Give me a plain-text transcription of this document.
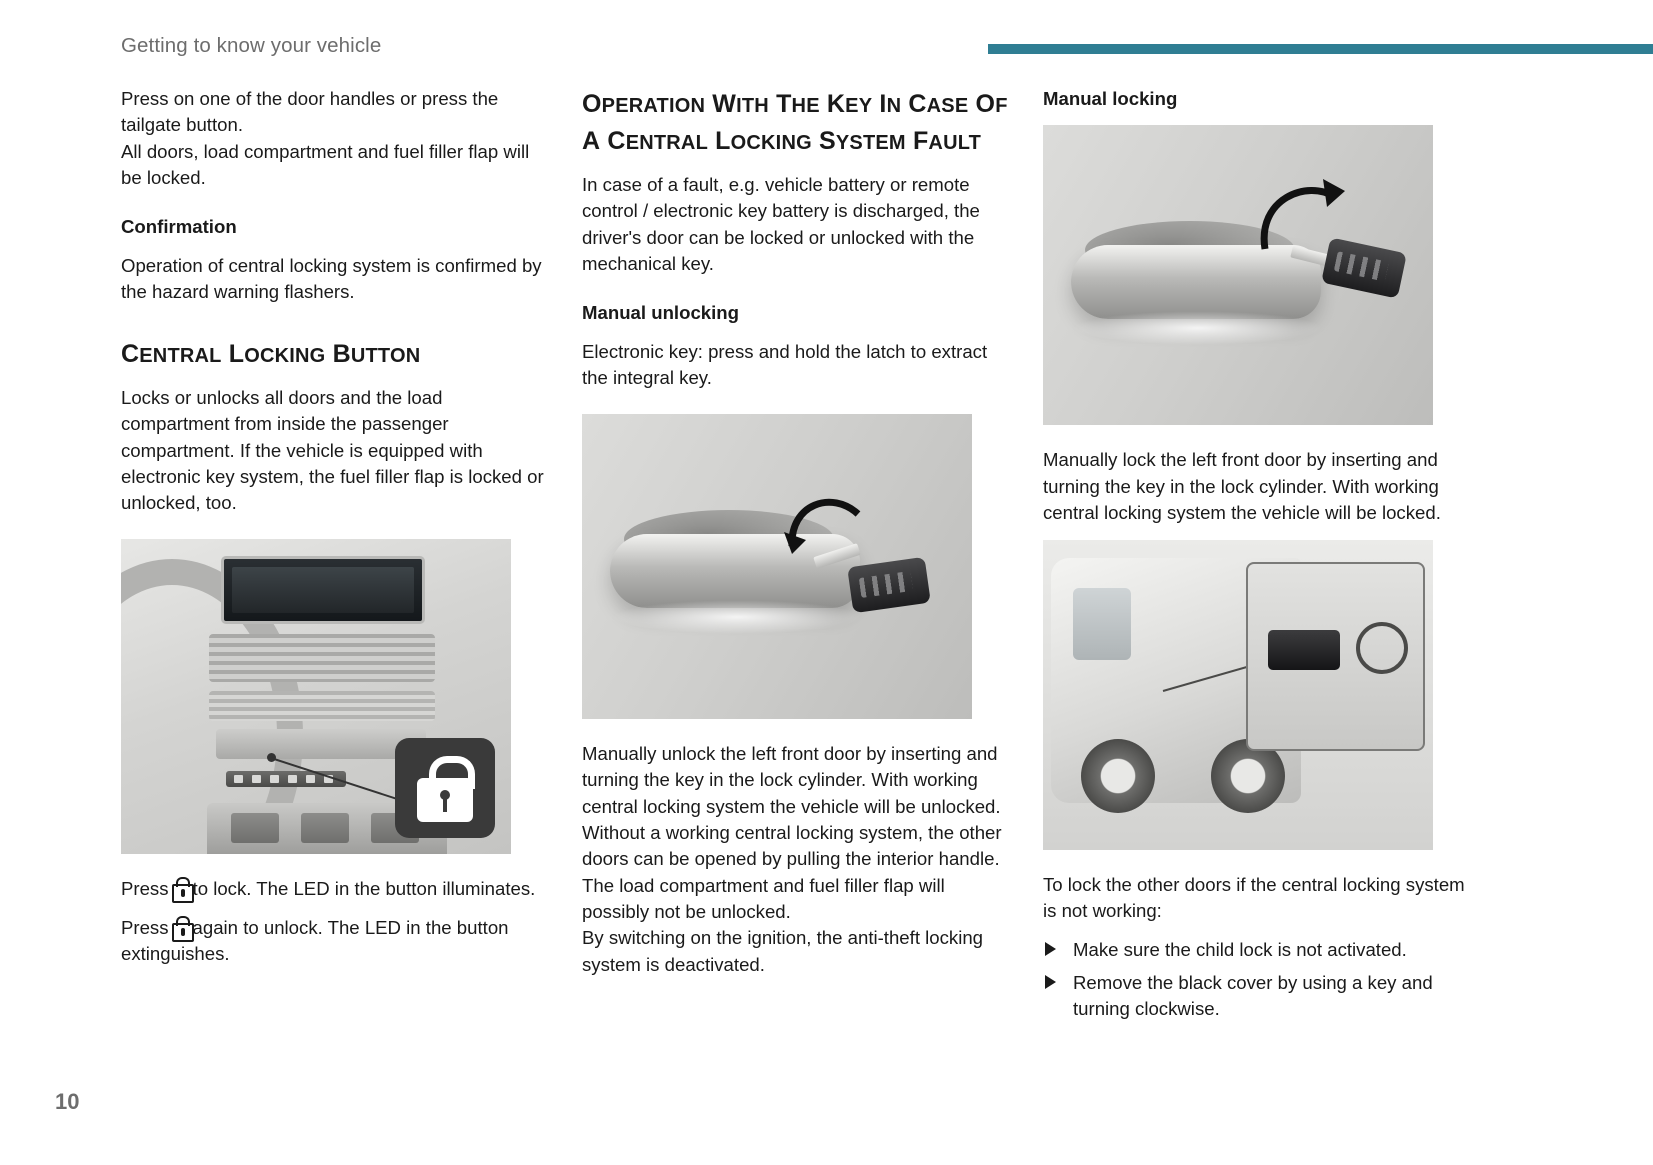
Getting to know your vehicle

Press on one of the door handles or press the tailgate button.

All doors, load compartment and fuel filler flap will be locked.

Confirmation

Operation of central locking system is confirmed by the hazard warning flashers.

CENTRAL LOCKING BUTTON

Locks or unlocks all doors and the load compartment from inside the passenger compartment. If the vehicle is equipped with electronic key system, the fuel filler flap is locked or unlocked, too.

Press to lock. The LED in the button illuminates.

Press again to unlock. The LED in the button extinguishes.

OPERATION WITH THE KEY IN CASE OF A CENTRAL LOCKING SYSTEM FAULT

In case of a fault, e.g. vehicle battery or remote control / electronic key battery is discharged, the driver's door can be locked or unlocked with the mechanical key.

Manual unlocking

Electronic key: press and hold the latch to extract the integral key.

Manually unlock the left front door by inserting and turning the key in the lock cylinder. With working central locking system the vehicle will be unlocked.

Without a working central locking system, the other doors can be opened by pulling the interior handle.

The load compartment and fuel filler flap will possibly not be unlocked.

By switching on the ignition, the anti-theft locking system is deactivated.

Manual locking

Manually lock the left front door by inserting and turning the key in the lock cylinder. With working central locking system the vehicle will be locked.

To lock the other doors if the central locking system is not working:

Make sure the child lock is not activated.
Remove the black cover by using a key and turning clockwise.
10
